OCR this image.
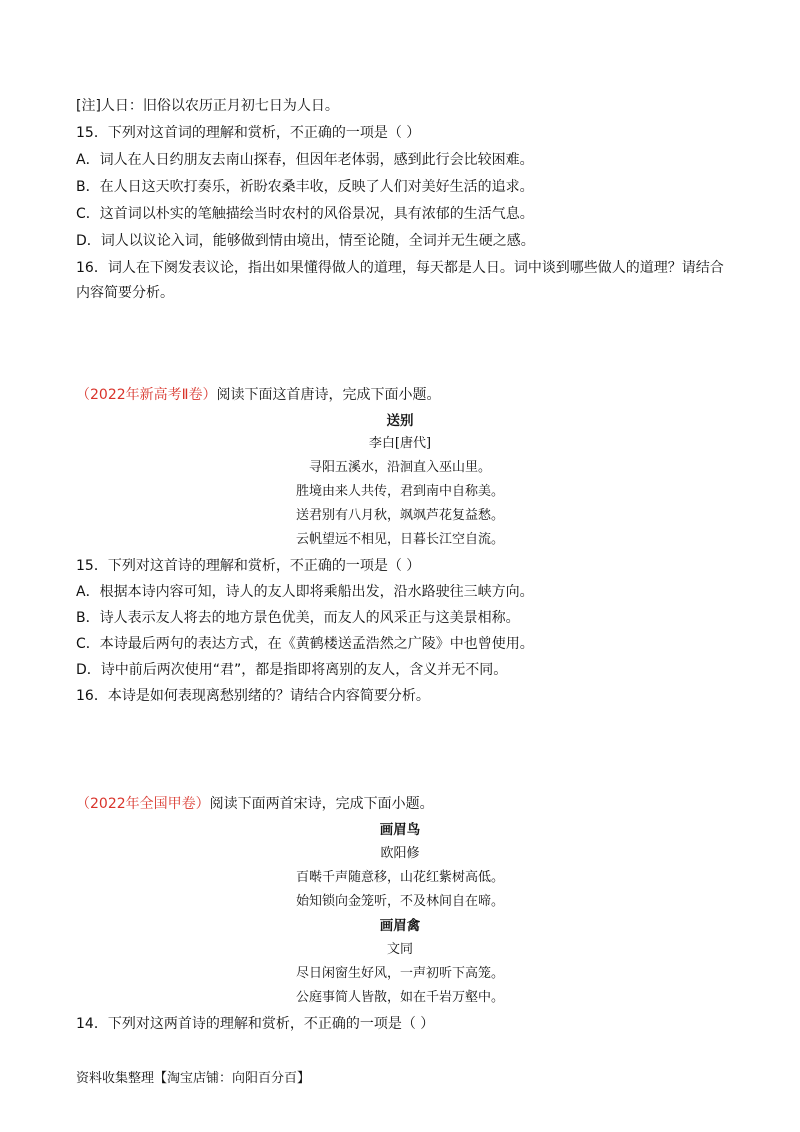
[注]人日：旧俗以农历正月初七日为人日。
15．下列对这首词的理解和赏析，不正确的一项是（ ）
A．词人在人日约朋友去南山探春，但因年老体弱，感到此行会比较困难。
B．在人日这天吹打奏乐，祈盼农桑丰收，反映了人们对美好生活的追求。
C．这首词以朴实的笔触描绘当时农村的风俗景况，具有浓郁的生活气息。
D．词人以议论入词，能够做到情由境出，情至论随，全词并无生硬之感。
16．词人在下阕发表议论，指出如果懂得做人的道理，每天都是人日。词中谈到哪些做人的道理？请结合
内容简要分析。
（2022年新高考Ⅱ卷）阅读下面这首唐诗，完成下面小题。
送别
李白[唐代]
寻阳五溪水，沿洄直入巫山里。
胜境由来人共传，君到南中自称美。
送君别有八月秋，飒飒芦花复益愁。
云帆望远不相见，日暮长江空自流。
15．下列对这首诗的理解和赏析，不正确的一项是（ ）
A．根据本诗内容可知，诗人的友人即将乘船出发，沿水路驶往三峡方向。
B．诗人表示友人将去的地方景色优美，而友人的风采正与这美景相称。
C．本诗最后两句的表达方式，在《黄鹤楼送孟浩然之广陵》中也曾使用。
D．诗中前后两次使用“君”，都是指即将离别的友人，含义并无不同。
16．本诗是如何表现离愁别绪的？请结合内容简要分析。
（2022年全国甲卷）阅读下面两首宋诗，完成下面小题。
画眉鸟
欧阳修
百啭千声随意移，山花红紫树高低。
始知锁向金笼听，不及林间自在啼。
画眉禽
文同
尽日闲窗生好风，一声初听下高笼。
公庭事简人皆散，如在千岩万壑中。
14．下列对这两首诗的理解和赏析，不正确的一项是（ ）
资料收集整理【淘宝店铺：向阳百分百】
